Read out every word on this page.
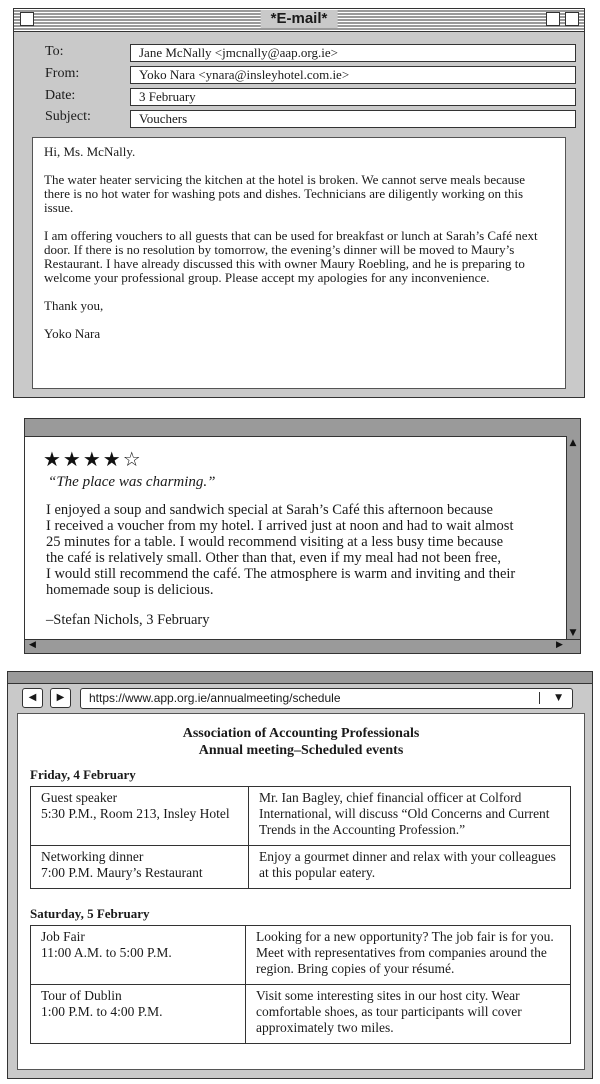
*E-mail*
To:	Jane McNally <jmcnally@aap.org.ie>
From:	Yoko Nara <ynara@insleyhotel.com.ie>
Date:	3 February
Subject:	Vouchers

Hi, Ms. McNally.

The water heater servicing the kitchen at the hotel is broken. We cannot serve meals because there is no hot water for washing pots and dishes. Technicians are diligently working on this issue.

I am offering vouchers to all guests that can be used for breakfast or lunch at Sarah’s Café next door. If there is no resolution by tomorrow, the evening’s dinner will be moved to Maury’s Restaurant. I have already discussed this with owner Maury Roebling, and he is preparing to welcome your professional group. Please accept my apologies for any inconvenience.

Thank you,

Yoko Nara

▲
▼
◀	▶
★★★★☆
“The place was charming.”
I enjoyed a soup and sandwich special at Sarah’s Café this afternoon because
I received a voucher from my hotel. I arrived just at noon and had to wait almost
25 minutes for a table. I would recommend visiting at a less busy time because
the café is relatively small. Other than that, even if my meal had not been free,
I would still recommend the café. The atmosphere is warm and inviting and their
homemade soup is delicious.
–Stefan Nichols, 3 February
◀	▶	https://www.app.org.ie/annualmeeting/schedule	▼
Association of Accounting Professionals
Annual meeting–Scheduled events
Friday, 4 February
Guest speaker
5:30 P.M., Room 213, Insley Hotel	Mr. Ian Bagley, chief financial officer at Colford International, will discuss “Old Concerns and Current Trends in the Accounting Profession.”

Networking dinner
7:00 P.M. Maury’s Restaurant	Enjoy a gourmet dinner and relax with your colleagues at this popular eatery.
Saturday, 5 February
Job Fair
11:00 A.M. to 5:00 P.M.	Looking for a new opportunity? The job fair is for you. Meet with representatives from companies around the region. Bring copies of your résumé.

Tour of Dublin
1:00 P.M. to 4:00 P.M.	Visit some interesting sites in our host city. Wear comfortable shoes, as tour participants will cover approximately two miles.
